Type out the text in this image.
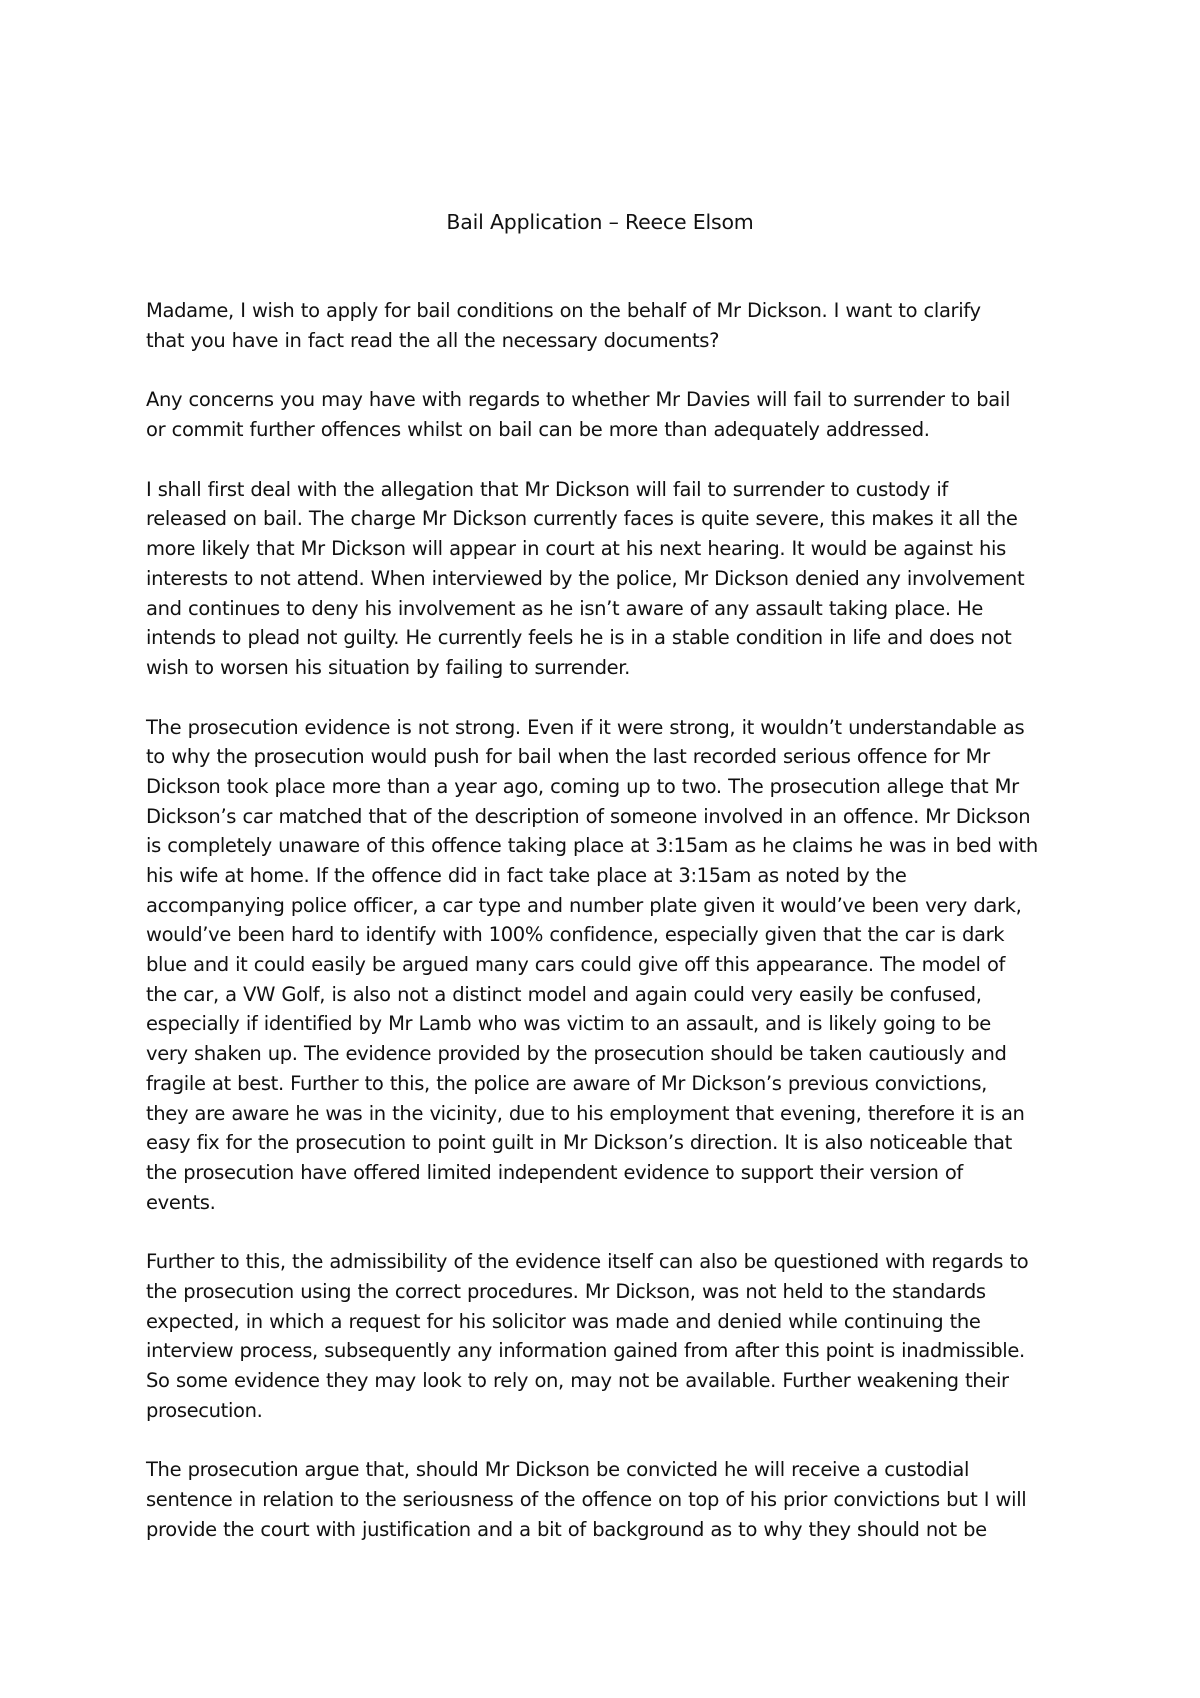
Bail Application – Reece Elsom

Madame, I wish to apply for bail conditions on the behalf of Mr Dickson. I want to clarify
that you have in fact read the all the necessary documents?

Any concerns you may have with regards to whether Mr Davies will fail to surrender to bail
or commit further offences whilst on bail can be more than adequately addressed.

I shall first deal with the allegation that Mr Dickson will fail to surrender to custody if
released on bail. The charge Mr Dickson currently faces is quite severe, this makes it all the
more likely that Mr Dickson will appear in court at his next hearing. It would be against his
interests to not attend. When interviewed by the police, Mr Dickson denied any involvement
and continues to deny his involvement as he isn’t aware of any assault taking place. He
intends to plead not guilty. He currently feels he is in a stable condition in life and does not
wish to worsen his situation by failing to surrender.

The prosecution evidence is not strong. Even if it were strong, it wouldn’t understandable as
to why the prosecution would push for bail when the last recorded serious offence for Mr
Dickson took place more than a year ago, coming up to two. The prosecution allege that Mr
Dickson’s car matched that of the description of someone involved in an offence. Mr Dickson
is completely unaware of this offence taking place at 3:15am as he claims he was in bed with
his wife at home. If the offence did in fact take place at 3:15am as noted by the
accompanying police officer, a car type and number plate given it would’ve been very dark,
would’ve been hard to identify with 100% confidence, especially given that the car is dark
blue and it could easily be argued many cars could give off this appearance. The model of
the car, a VW Golf, is also not a distinct model and again could very easily be confused,
especially if identified by Mr Lamb who was victim to an assault, and is likely going to be
very shaken up. The evidence provided by the prosecution should be taken cautiously and
fragile at best. Further to this, the police are aware of Mr Dickson’s previous convictions,
they are aware he was in the vicinity, due to his employment that evening, therefore it is an
easy fix for the prosecution to point guilt in Mr Dickson’s direction. It is also noticeable that
the prosecution have offered limited independent evidence to support their version of
events.

Further to this, the admissibility of the evidence itself can also be questioned with regards to
the prosecution using the correct procedures. Mr Dickson, was not held to the standards
expected, in which a request for his solicitor was made and denied while continuing the
interview process, subsequently any information gained from after this point is inadmissible.
So some evidence they may look to rely on, may not be available. Further weakening their
prosecution.

The prosecution argue that, should Mr Dickson be convicted he will receive a custodial
sentence in relation to the seriousness of the offence on top of his prior convictions but I will
provide the court with justification and a bit of background as to why they should not be
